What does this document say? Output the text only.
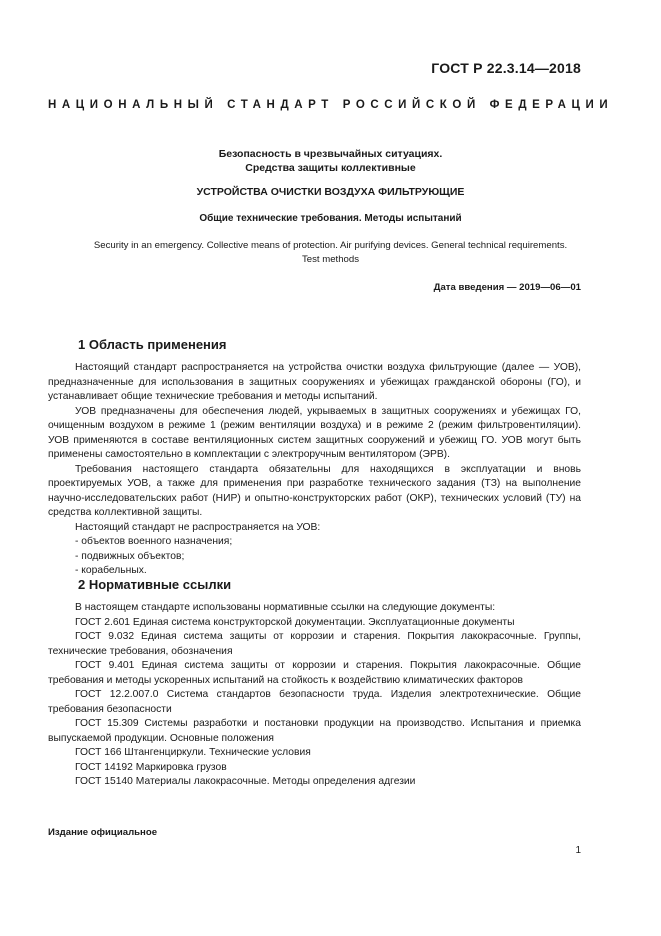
ГОСТ Р 22.3.14—2018
НАЦИОНАЛЬНЫЙ СТАНДАРТ РОССИЙСКОЙ ФЕДЕРАЦИИ
Безопасность в чрезвычайных ситуациях.
Средства защиты коллективные
УСТРОЙСТВА ОЧИСТКИ ВОЗДУХА ФИЛЬТРУЮЩИЕ
Общие технические требования. Методы испытаний
Security in an emergency. Collective means of protection. Air purifying devices. General technical requirements.
Test methods
Дата введения — 2019—06—01
1 Область применения

Настоящий стандарт распространяется на устройства очистки воздуха фильтрующие (далее — УОВ), предназначенные для использования в защитных сооружениях и убежищах гражданской обороны (ГО), и устанавливает общие технические требования и методы испытаний.

УОВ предназначены для обеспечения людей, укрываемых в защитных сооружениях и убежищах ГО, очищенным воздухом в режиме 1 (режим вентиляции воздуха) и в режиме 2 (режим фильтровентиляции). УОВ применяются в составе вентиляционных систем защитных сооружений и убежищ ГО. УОВ могут быть применены самостоятельно в комплектации с электроручным вентилятором (ЭРВ).

Требования настоящего стандарта обязательны для находящихся в эксплуатации и вновь проектируемых УОВ, а также для применения при разработке технического задания (ТЗ) на выполнение научно-исследовательских работ (НИР) и опытно-конструкторских работ (ОКР), технических условий (ТУ) на средства коллективной защиты.

Настоящий стандарт не распространяется на УОВ:

- объектов военного назначения;

- подвижных объектов;

- корабельных.

2 Нормативные ссылки

В настоящем стандарте использованы нормативные ссылки на следующие документы:

ГОСТ 2.601 Единая система конструкторской документации. Эксплуатационные документы

ГОСТ 9.032 Единая система защиты от коррозии и старения. Покрытия лакокрасочные. Группы, технические требования, обозначения

ГОСТ 9.401 Единая система защиты от коррозии и старения. Покрытия лакокрасочные. Общие требования и методы ускоренных испытаний на стойкость к воздействию климатических факторов

ГОСТ 12.2.007.0 Система стандартов безопасности труда. Изделия электротехнические. Общие требования безопасности

ГОСТ 15.309 Системы разработки и постановки продукции на производство. Испытания и приемка выпускаемой продукции. Основные положения

ГОСТ 166 Штангенциркули. Технические условия

ГОСТ 14192 Маркировка грузов

ГОСТ 15140 Материалы лакокрасочные. Методы определения адгезии

Издание официальное
1
